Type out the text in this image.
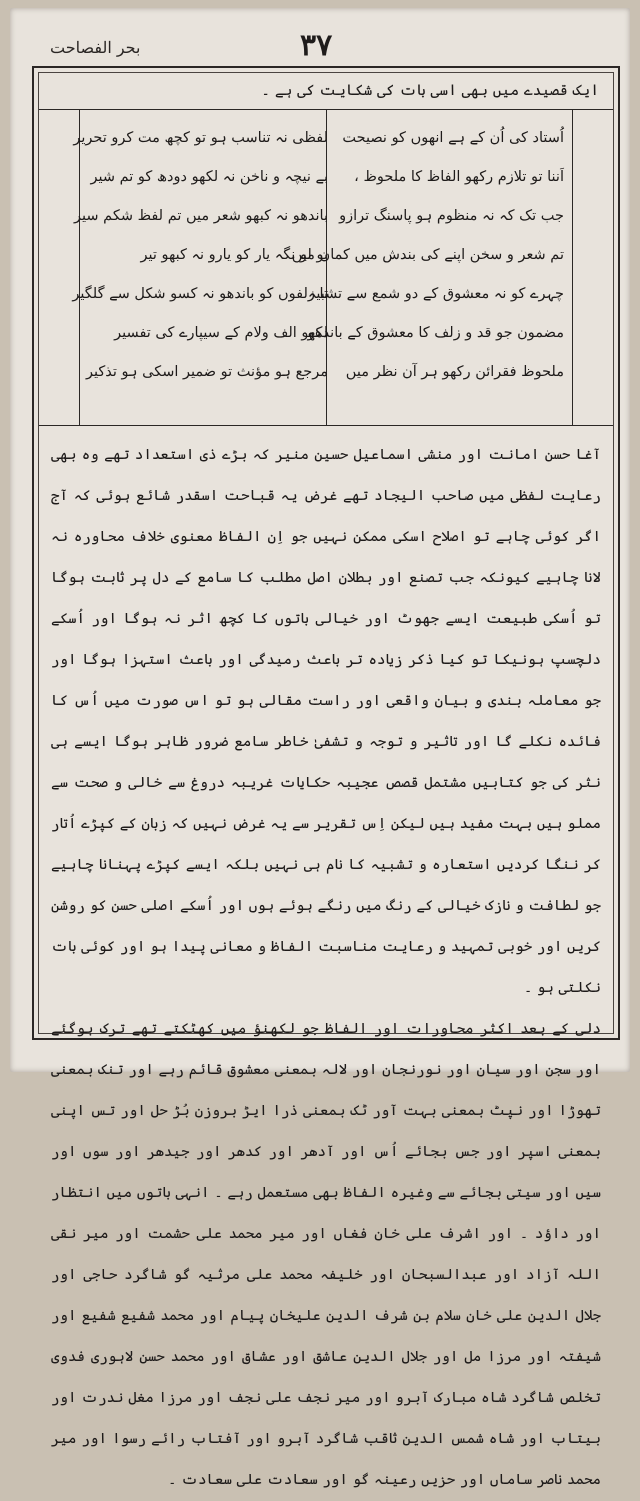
بحر الفصاحت	۳۷
ایک قصیدے میں بھی اسی بات کی شکایت کی ہے ۔
اُستاد کی اُن کے ہے انھوں کو نصیحت
اَننا تو تلازم رکھو الفاظ کا ملحوظ ،
جب تک کہ نہ منظوم ہو پاسنگ ترازو
تم شعر و سخن اپنے کی بندش میں کمان میں
چہرے کو نہ معشوق کے دو شمع سے تشبیہ
مضمون جو قد و زلف کا معشوق کے باندھو
ملحوظ فقرائن رکھو ہر آن نظر میں
لفظی نہ تناسب ہو تو کچھ مت کرو تحریر
بے نیچہ و ناخن نہ لکھو دودھ کو تم شیر
باندھو نہ کبھو شعر میں تم لفظ شکم سیر
بو لو نگہ یار کو یارو نہ کبھو تیر
تا زلفوں کو باندھو نہ کسو شکل سے گلگیر
لکھو الف ولام کے سیپارے کی تفسیر
مرجع ہو مؤنث تو ضمیر اسکی ہو تذکیر

آغا حسن امانت اور منشی اسماعیل حسین منیر کہ بڑے ذی استعداد تھے وہ بھی رعایت لفظی میں صاحب الیجاد تھے غرض یہ قباحت اسقدر شائع ہوئی کہ آج اگر کوئی چاہے تو اصلاح اسکی ممکن نہیں جو اِن الفاظ معنوی خلاف محاورہ نہ لانا چاہیے کیونکہ جب تصنع اور بطلان اصل مطلب کا سامع کے دل پر ثابت ہوگا تو اُسکی طبیعت ایسے جھوٹ اور خیالی باتوں کا کچھ اثر نہ ہوگا اور اُسکے دلچسپ ہونیکا تو کیا ذکر زیادہ تر باعث رمیدگی اور باعث استہزا ہوگا اور جو معاملہ بندی و بیان واقعی اور راست مقالی ہو تو اس صورت میں اُس کا فائدہ نکلے گا اور تاثیر و توجہ و تشفیٰ خاطر سامع ضرور ظاہر ہوگا ایسے ہی نثر کی جو کتابیں مشتمل قصص عجیبہ حکایات غریبہ دروغ سے خالی و صحت سے مملو ہیں بہت مفید ہیں لیکن اِس تقریر سے یہ غرض نہیں کہ زبان کے کپڑے اُتار کر ننگا کردیں استعارہ و تشبیہ کا نام ہی نہیں بلکہ ایسے کپڑے پہنانا چاہیے جو لطافت و نازک خیالی کے رنگ میں رنگے ہوئے ہوں اور اُسکے اصلی حسن کو روشن کریں اور خوبی تمہید و رعایت مناسبت الفاظ و معانی پیدا ہو اور کوئی بات نکلتی ہو ۔

دلی کے بعد اکثر محاورات اور الفاظ جو لکھنؤ میں کھٹکتے تھے ترک ہوگئے اور سجن اور سیان اور نورنجان اور لالہ بمعنی معشوق قائم رہے اور تنک بمعنی تھوڑا اور نپٹ بمعنی بہت آور ٹک بمعنی ذرا ایڑ بروزن بُڑ حل اور تس اپنی بمعنی اسپر اور جس بجائے اُس اور آدھر اور کدھر اور جیدھر اور سوں اور سیں اور سیتی بجائے سے وغیرہ الفاظ بھی مستعمل رہے ۔ انہی باتوں میں انتظار اور داؤد ۔ اور اشرف علی خان فغاں اور میر محمد علی حشمت اور میر نقی اللہ آزاد اور عبدالسبحان اور خلیفہ محمد علی مرثیہ گو شاگرد حاجی اور جلال الدین علی خان سلام بن شرف الدین علیخان پیام اور محمد شفیع شفیع اور شیفتہ اور مرزا مل اور جلال الدین عاشق اور عشاق اور محمد حسن لاہوری فدوی تخلص شاگرد شاہ مبارک آبرو اور میر نجف علی نجف اور مرزا مغل ندرت اور بیتاب اور شاہ شمس الدین ثاقب شاگرد آبرو اور آفتاب رائے رسوا اور میر محمد ناصر ساماں اور حزیں رعینہ گو اور سعادت علی سعادت ۔
